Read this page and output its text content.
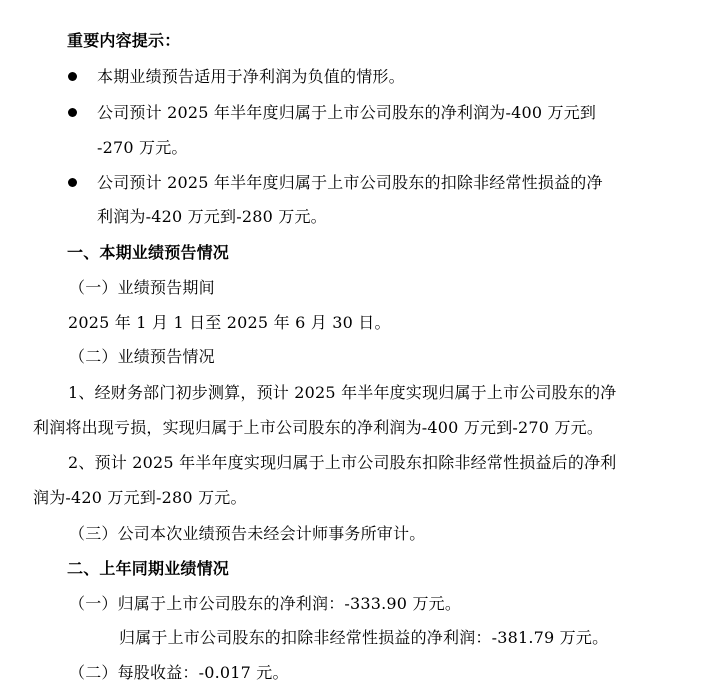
重要内容提示：
本期业绩预告适用于净利润为负值的情形。
公司预计 2025 年半年度归属于上市公司股东的净利润为-400 万元到
-270 万元。
公司预计 2025 年半年度归属于上市公司股东的扣除非经常性损益的净
利润为-420 万元到-280 万元。
一、本期业绩预告情况
（一）业绩预告期间
2025 年 1 月 1 日至 2025 年 6 月 30 日。
（二）业绩预告情况
1、经财务部门初步测算，预计 2025 年半年度实现归属于上市公司股东的净
利润将出现亏损，实现归属于上市公司股东的净利润为-400 万元到-270 万元。
2、预计 2025 年半年度实现归属于上市公司股东扣除非经常性损益后的净利
润为-420 万元到-280 万元。
（三）公司本次业绩预告未经会计师事务所审计。
二、上年同期业绩情况
（一）归属于上市公司股东的净利润：-333.90 万元。
归属于上市公司股东的扣除非经常性损益的净利润：-381.79 万元。
（二）每股收益：-0.017 元。
